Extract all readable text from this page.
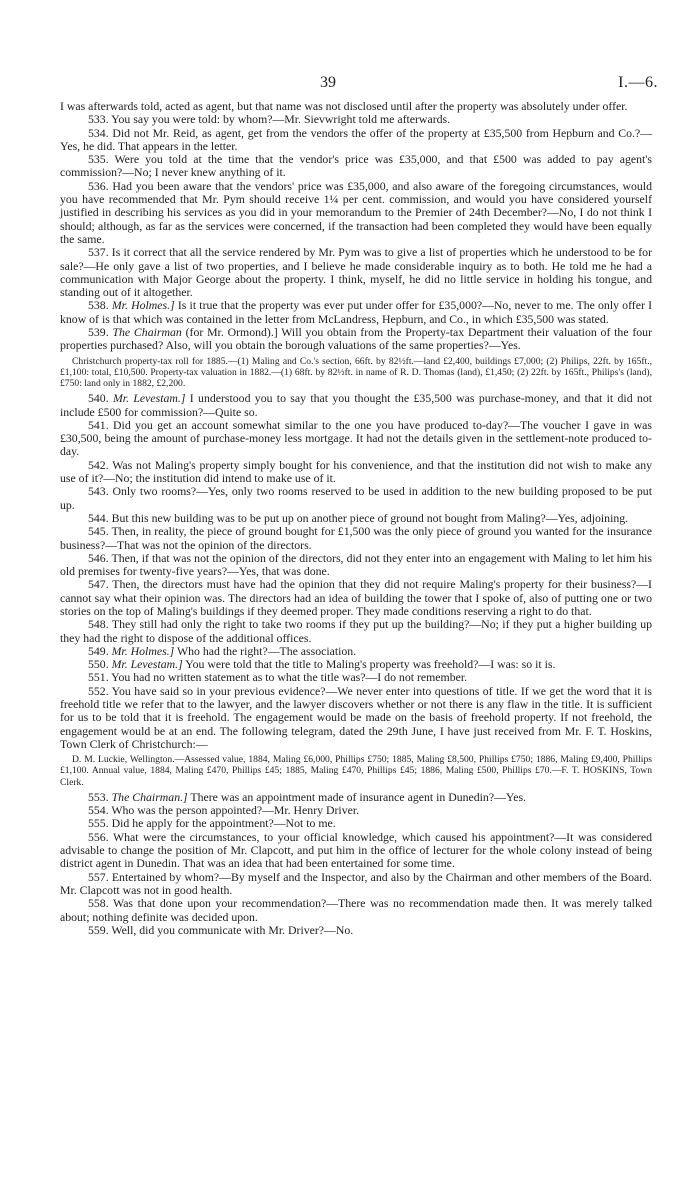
39	I.—6.

I was afterwards told, acted as agent, but that name was not disclosed until after the property was absolutely under offer.

533. You say you were told: by whom?—Mr. Sievwright told me afterwards.

534. Did not Mr. Reid, as agent, get from the vendors the offer of the property at £35,500 from Hepburn and Co.?—Yes, he did. That appears in the letter.

535. Were you told at the time that the vendor's price was £35,000, and that £500 was added to pay agent's commission?—No; I never knew anything of it.

536. Had you been aware that the vendors' price was £35,000, and also aware of the foregoing circumstances, would you have recommended that Mr. Pym should receive 1¼ per cent. commission, and would you have considered yourself justified in describing his services as you did in your memorandum to the Premier of 24th December?—No, I do not think I should; although, as far as the services were concerned, if the transaction had been completed they would have been equally the same.

537. Is it correct that all the service rendered by Mr. Pym was to give a list of properties which he understood to be for sale?—He only gave a list of two properties, and I believe he made considerable inquiry as to both. He told me he had a communication with Major George about the property. I think, myself, he did no little service in holding his tongue, and standing out of it altogether.

538. Mr. Holmes.] Is it true that the property was ever put under offer for £35,000?—No, never to me. The only offer I know of is that which was contained in the letter from McLandress, Hepburn, and Co., in which £35,500 was stated.

539. The Chairman (for Mr. Ormond).] Will you obtain from the Property-tax Department their valuation of the four properties purchased? Also, will you obtain the borough valuations of the same properties?—Yes.

Christchurch property-tax roll for 1885.—(1) Maling and Co.'s section, 66ft. by 82½ft.—land £2,400, buildings £7,000; (2) Philips, 22ft. by 165ft., £1,100: total, £10,500. Property-tax valuation in 1882.—(1) 68ft. by 82½ft. in name of R. D. Thomas (land), £1,450; (2) 22ft. by 165ft., Philips's (land), £750: land only in 1882, £2,200.

540. Mr. Levestam.] I understood you to say that you thought the £35,500 was purchase-money, and that it did not include £500 for commission?—Quite so.

541. Did you get an account somewhat similar to the one you have produced to-day?—The voucher I gave in was £30,500, being the amount of purchase-money less mortgage. It had not the details given in the settlement-note produced to-day.

542. Was not Maling's property simply bought for his convenience, and that the institution did not wish to make any use of it?—No; the institution did intend to make use of it.

543. Only two rooms?—Yes, only two rooms reserved to be used in addition to the new building proposed to be put up.

544. But this new building was to be put up on another piece of ground not bought from Maling?—Yes, adjoining.

545. Then, in reality, the piece of ground bought for £1,500 was the only piece of ground you wanted for the insurance business?—That was not the opinion of the directors.

546. Then, if that was not the opinion of the directors, did not they enter into an engagement with Maling to let him his old premises for twenty-five years?—Yes, that was done.

547. Then, the directors must have had the opinion that they did not require Maling's property for their business?—I cannot say what their opinion was. The directors had an idea of building the tower that I spoke of, also of putting one or two stories on the top of Maling's buildings if they deemed proper. They made conditions reserving a right to do that.

548. They still had only the right to take two rooms if they put up the building?—No; if they put a higher building up they had the right to dispose of the additional offices.

549. Mr. Holmes.] Who had the right?—The association.

550. Mr. Levestam.] You were told that the title to Maling's property was freehold?—I was: so it is.

551. You had no written statement as to what the title was?—I do not remember.

552. You have said so in your previous evidence?—We never enter into questions of title. If we get the word that it is freehold title we refer that to the lawyer, and the lawyer discovers whether or not there is any flaw in the title. It is sufficient for us to be told that it is freehold. The engagement would be made on the basis of freehold property. If not freehold, the engagement would be at an end. The following telegram, dated the 29th June, I have just received from Mr. F. T. Hoskins, Town Clerk of Christchurch:—

D. M. Luckie, Wellington.—Assessed value, 1884, Maling £6,000, Phillips £750; 1885, Maling £8,500, Phillips £750; 1886, Maling £9,400, Phillips £1,100. Annual value, 1884, Maling £470, Phillips £45; 1885, Maling £470, Phillips £45; 1886, Maling £500, Phillips £70.—F. T. HOSKINS, Town Clerk.

553. The Chairman.] There was an appointment made of insurance agent in Dunedin?—Yes.

554. Who was the person appointed?—Mr. Henry Driver.

555. Did he apply for the appointment?—Not to me.

556. What were the circumstances, to your official knowledge, which caused his appointment?—It was considered advisable to change the position of Mr. Clapcott, and put him in the office of lecturer for the whole colony instead of being district agent in Dunedin. That was an idea that had been entertained for some time.

557. Entertained by whom?—By myself and the Inspector, and also by the Chairman and other members of the Board. Mr. Clapcott was not in good health.

558. Was that done upon your recommendation?—There was no recommendation made then. It was merely talked about; nothing definite was decided upon.

559. Well, did you communicate with Mr. Driver?—No.
